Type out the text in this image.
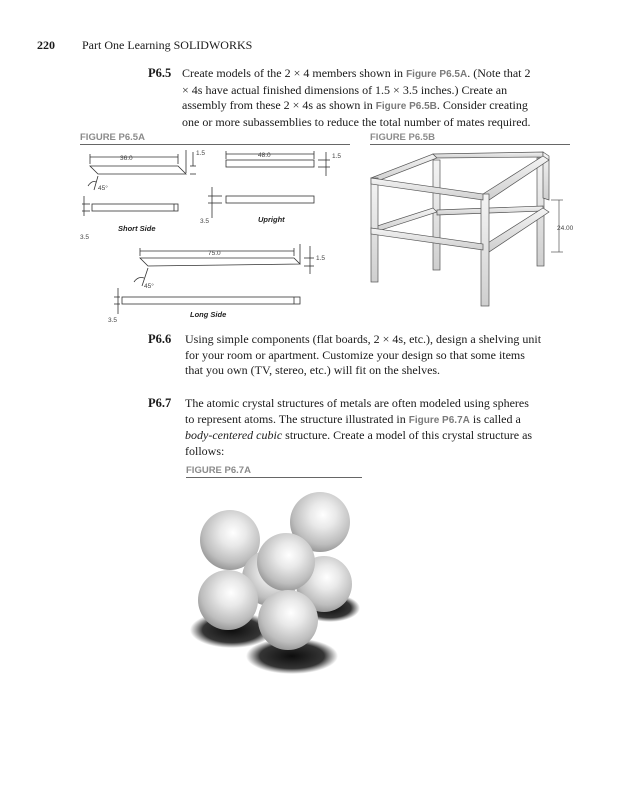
220 Part One Learning SOLIDWORKS
P6.5 Create models of the 2 × 4 members shown in Figure P6.5A. (Note that 2 × 4s have actual finished dimensions of 1.5 × 3.5 inches.) Create an assembly from these 2 × 4s as shown in Figure P6.5B. Consider creating one or more subassemblies to reduce the total number of mates required.
FIGURE P6.5A
36.0
1.5
45°
3.5
48.0	1.5
3.5
75.0
1.5
45°
3.5
Short Side
Upright
Long Side
FIGURE P6.5B
24.00
P6.6 Using simple components (flat boards, 2 × 4s, etc.), design a shelving unit for your room or apartment. Customize your design so that some items that you own (TV, stereo, etc.) will fit on the shelves.
P6.7 The atomic crystal structures of metals are often modeled using spheres to represent atoms. The structure illustrated in Figure P6.7A is called a body-centered cubic structure. Create a model of this crystal structure as follows:
FIGURE P6.7A
